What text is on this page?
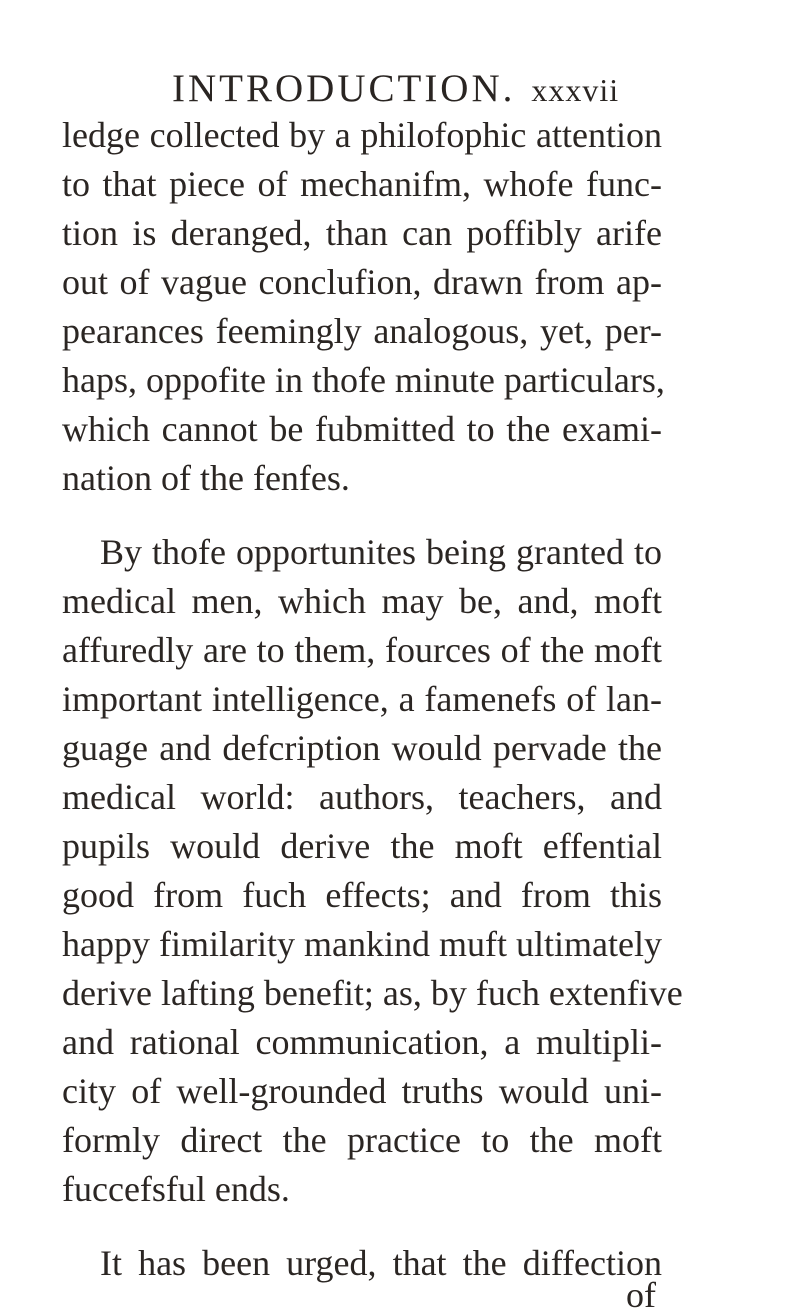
INTRODUCTION. xxxvii
ledge collected by a philofophic attention
to that piece of mechanifm, whofe func-
tion is deranged, than can poffibly arife
out of vague conclufion, drawn from ap-
pearances feemingly analogous, yet, per-
haps, oppofite in thofe minute particulars,
which cannot be fubmitted to the exami-
nation of the fenfes.
By thofe opportunites being granted to
medical men, which may be, and, moft
affuredly are to them, fources of the moft
important intelligence, a famenefs of lan-
guage and defcription would pervade the
medical world: authors, teachers, and
pupils would derive the moft effential
good from fuch effects; and from this
happy fimilarity mankind muft ultimately
derive lafting benefit; as, by fuch extenfive
and rational communication, a multipli-
city of well-grounded truths would uni-
formly direct the practice to the moft
fuccefsful ends.
It has been urged, that the diffection
of
